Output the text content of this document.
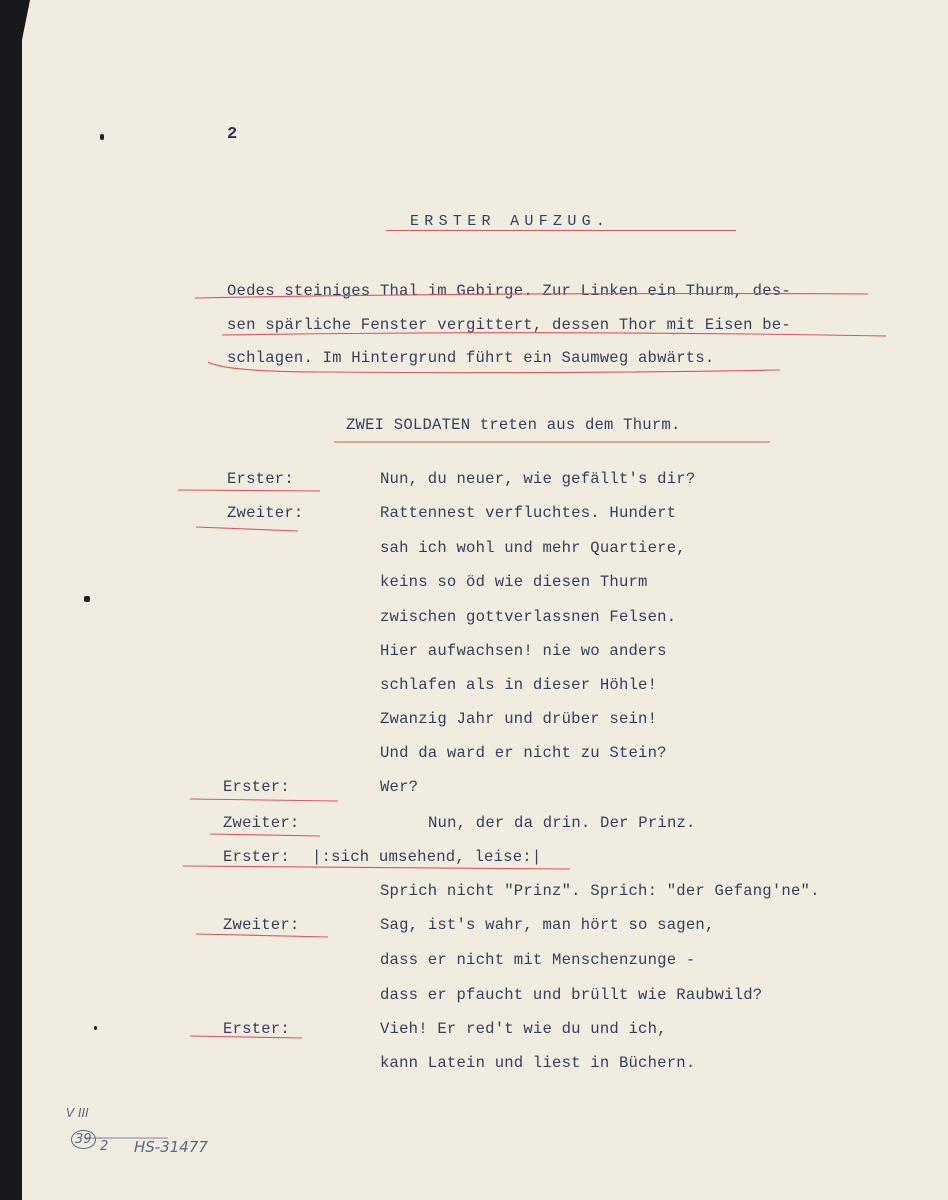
2
ERSTER AUFZUG.
Oedes steiniges Thal im Gebirge. Zur Linken ein Thurm, des-
sen spärliche Fenster vergittert, dessen Thor mit Eisen be-
schlagen. Im Hintergrund führt ein Saumweg abwärts.
ZWEI SOLDATEN treten aus dem Thurm.
Erster:
Zweiter:
Erster:
Zweiter:
Erster:
Zweiter:
Erster:
Nun, du neuer, wie gefällt's dir?
Rattennest verfluchtes. Hundert
sah ich wohl und mehr Quartiere,
keins so öd wie diesen Thurm
zwischen gottverlassnen Felsen.
Hier aufwachsen! nie wo anders
schlafen als in dieser Höhle!
Zwanzig Jahr und drüber sein!
Und da ward er nicht zu Stein?
Wer?
Nun, der da drin. Der Prinz.
|:sich umsehend, leise:|
Sprich nicht "Prinz". Sprich: "der Gefang'ne".
Sag, ist's wahr, man hört so sagen,
dass er nicht mit Menschenzunge -
dass er pfaucht und brüllt wie Raubwild?
Vieh! Er red't wie du und ich,
kann Latein und liest in Büchern.
V III
39 2 HS-31477
